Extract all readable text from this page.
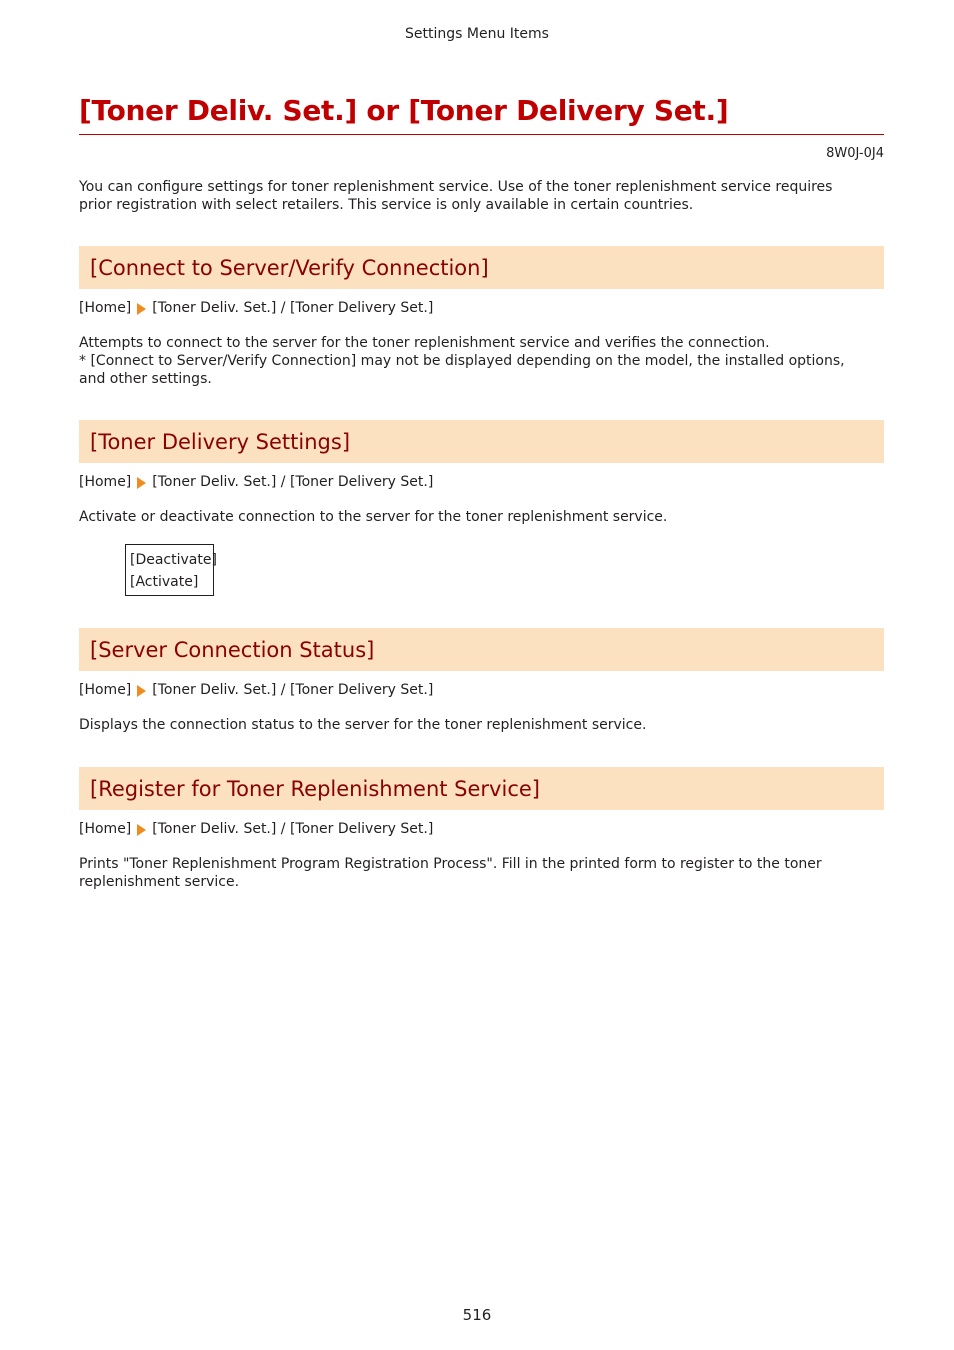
Settings Menu Items
[Toner Deliv. Set.] or [Toner Delivery Set.]
8W0J-0J4

You can configure settings for toner replenishment service. Use of the toner replenishment service requires prior registration with select retailers. This service is only available in certain countries.

[Connect to Server/Verify Connection]
[Home] [Toner Deliv. Set.] / [Toner Delivery Set.]

Attempts to connect to the server for the toner replenishment service and verifies the connection.

* [Connect to Server/Verify Connection] may not be displayed depending on the model, the installed options, and other settings.

[Toner Delivery Settings]
[Home] [Toner Deliv. Set.] / [Toner Delivery Set.]

Activate or deactivate connection to the server for the toner replenishment service.

[Deactivate]
[Activate]
[Server Connection Status]
[Home] [Toner Deliv. Set.] / [Toner Delivery Set.]

Displays the connection status to the server for the toner replenishment service.

[Register for Toner Replenishment Service]
[Home] [Toner Deliv. Set.] / [Toner Delivery Set.]

Prints "Toner Replenishment Program Registration Process". Fill in the printed form to register to the toner replenishment service.

516
